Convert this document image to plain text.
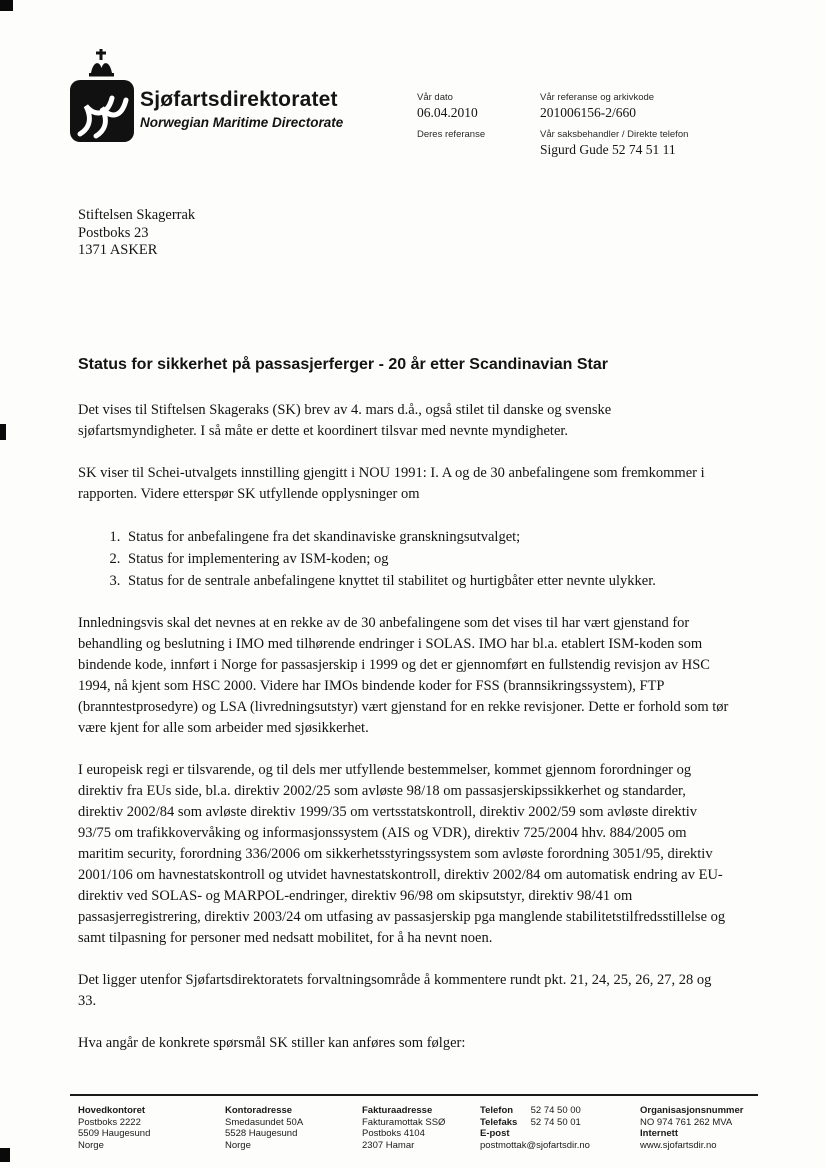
Sjøfartsdirektoratet
Norwegian Maritime Directorate
Vår dato
06.04.2010
Deres referanse
Vår referanse og arkivkode
201006156-2/660
Vår saksbehandler / Direkte telefon
Sigurd Gude 52 74 51 11
Stiftelsen Skagerrak
Postboks 23
1371 ASKER
Status for sikkerhet på passasjerferger - 20 år etter Scandinavian Star

Det vises til Stiftelsen Skageraks (SK) brev av 4. mars d.å., også stilet til danske og svenske sjøfartsmyndigheter. I så måte er dette et koordinert tilsvar med nevnte myndigheter.

SK viser til Schei-utvalgets innstilling gjengitt i NOU 1991: I. A og de 30 anbefalingene som fremkommer i rapporten. Videre etterspør SK utfyllende opplysninger om

1. Status for anbefalingene fra det skandinaviske granskningsutvalget;
2. Status for implementering av ISM-koden; og
3. Status for de sentrale anbefalingene knyttet til stabilitet og hurtigbåter etter nevnte ulykker.

Innledningsvis skal det nevnes at en rekke av de 30 anbefalingene som det vises til har vært gjenstand for behandling og beslutning i IMO med tilhørende endringer i SOLAS. IMO har bl.a. etablert ISM-koden som bindende kode, innført i Norge for passasjerskip i 1999 og det er gjennomført en fullstendig revisjon av HSC 1994, nå kjent som HSC 2000. Videre har IMOs bindende koder for FSS (brannsikringssystem), FTP (branntestprosedyre) og LSA (livredningsutstyr) vært gjenstand for en rekke revisjoner. Dette er forhold som tør være kjent for alle som arbeider med sjøsikkerhet.

I europeisk regi er tilsvarende, og til dels mer utfyllende bestemmelser, kommet gjennom forordninger og direktiv fra EUs side, bl.a. direktiv 2002/25 som avløste 98/18 om passasjerskipssikkerhet og standarder, direktiv 2002/84 som avløste direktiv 1999/35 om vertsstatskontroll, direktiv 2002/59 som avløste direktiv 93/75 om trafikkovervåking og informasjonssystem (AIS og VDR), direktiv 725/2004 hhv. 884/2005 om maritim security, forordning 336/2006 om sikkerhetsstyringssystem som avløste forordning 3051/95, direktiv 2001/106 om havnestatskontroll og utvidet havnestatskontroll, direktiv 2002/84 om automatisk endring av EU-direktiv ved SOLAS- og MARPOL-endringer, direktiv 96/98 om skipsutstyr, direktiv 98/41 om passasjerregistrering, direktiv 2003/24 om utfasing av passasjerskip pga manglende stabilitetstilfredsstillelse og samt tilpasning for personer med nedsatt mobilitet, for å ha nevnt noen.

Det ligger utenfor Sjøfartsdirektoratets forvaltningsområde å kommentere rundt pkt. 21, 24, 25, 26, 27, 28 og 33.

Hva angår de konkrete spørsmål SK stiller kan anføres som følger:

Hovedkontoret
Postboks 2222
5509 Haugesund
Norge
Kontoradresse
Smedasundet 50A
5528 Haugesund
Norge
Fakturaadresse
Fakturamottak SSØ
Postboks 4104
2307 Hamar
Telefon 52 74 50 00
Telefaks 52 74 50 01
E-post
postmottak@sjofartsdir.no
Organisasjonsnummer
NO 974 761 262 MVA
Internett
www.sjofartsdir.no
